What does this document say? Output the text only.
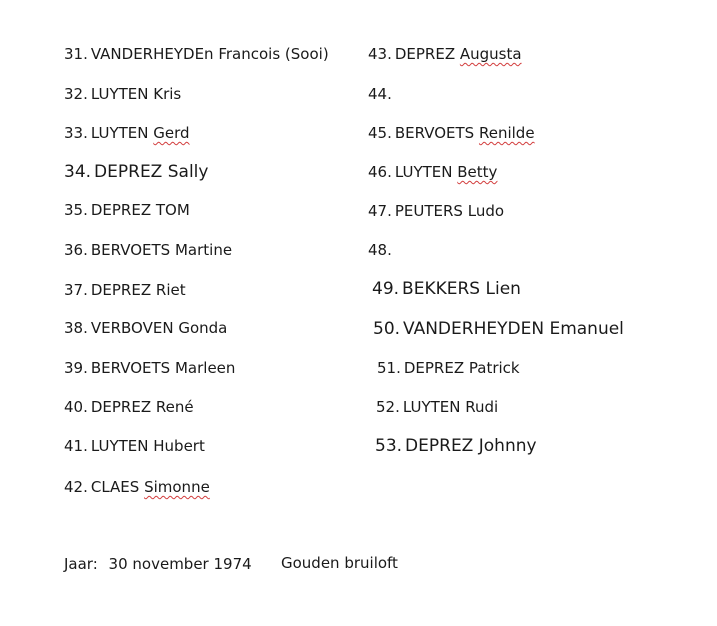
31. VANDERHEYDEn Francois (Sooi)
32. LUYTEN Kris
33. LUYTEN Gerd
34. DEPREZ Sally
35. DEPREZ TOM
36. BERVOETS Martine
37. DEPREZ Riet
38. VERBOVEN Gonda
39. BERVOETS Marleen
40. DEPREZ René
41. LUYTEN Hubert
42. CLAES Simonne
43. DEPREZ Augusta
44.
45. BERVOETS Renilde
46. LUYTEN Betty
47. PEUTERS Ludo
48.
49. BEKKERS Lien
50. VANDERHEYDEN Emanuel
51. DEPREZ Patrick
52. LUYTEN Rudi
53. DEPREZ Johnny
Jaar: 30 november 1974 Gouden bruiloft
